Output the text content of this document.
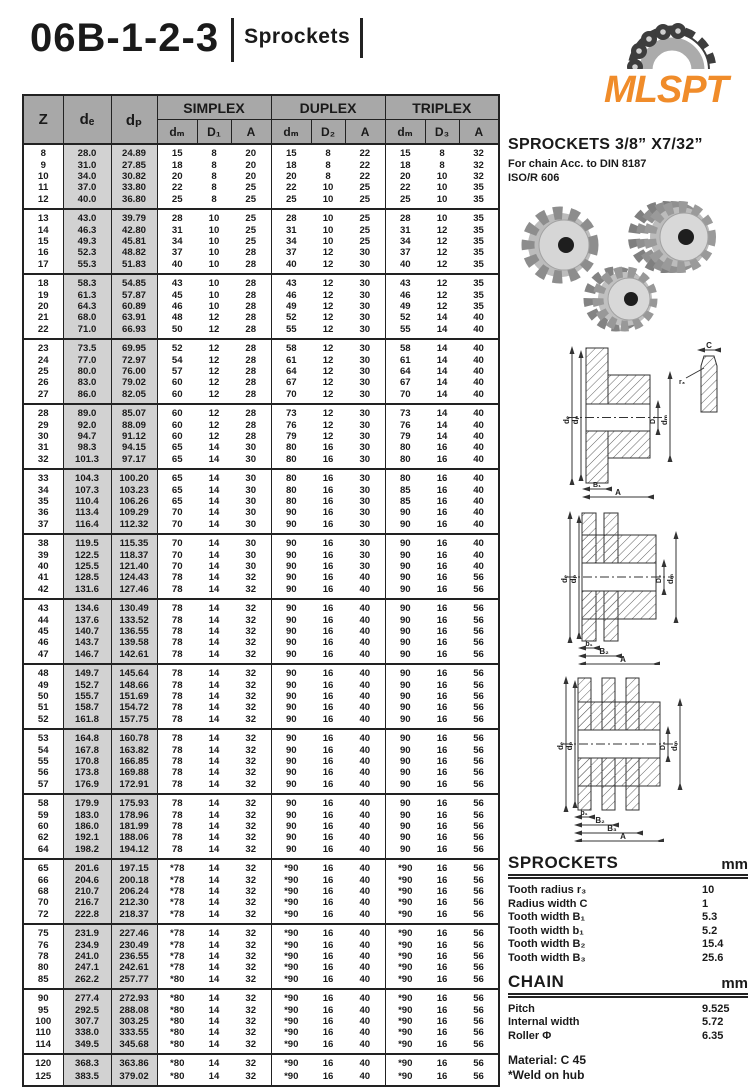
06B-1-2-3 Sprockets
MLSPT
Z	dₑ	dₚ	SIMPLEX			DUPLEX			TRIPLEX		
			dₘ	D₁	A	dₘ	D₂	A	dₘ	D₃	A
8	28.0	24.89	15	8	20	15	8	22	15	8	32
9	31.0	27.85	18	8	20	18	8	22	18	8	32
10	34.0	30.82	20	8	20	20	8	22	20	10	32
11	37.0	33.80	22	8	25	22	10	25	22	10	35
12	40.0	36.80	25	8	25	25	10	25	25	10	35
13	43.0	39.79	28	10	25	28	10	25	28	10	35
14	46.3	42.80	31	10	25	31	10	25	31	12	35
15	49.3	45.81	34	10	25	34	10	25	34	12	35
16	52.3	48.82	37	10	28	37	12	30	37	12	35
17	55.3	51.83	40	10	28	40	12	30	40	12	35
18	58.3	54.85	43	10	28	43	12	30	43	12	35
19	61.3	57.87	45	10	28	46	12	30	46	12	35
20	64.3	60.89	46	10	28	49	12	30	49	12	35
21	68.0	63.91	48	12	28	52	12	30	52	14	40
22	71.0	66.93	50	12	28	55	12	30	55	14	40
23	73.5	69.95	52	12	28	58	12	30	58	14	40
24	77.0	72.97	54	12	28	61	12	30	61	14	40
25	80.0	76.00	57	12	28	64	12	30	64	14	40
26	83.0	79.02	60	12	28	67	12	30	67	14	40
27	86.0	82.05	60	12	28	70	12	30	70	14	40
28	89.0	85.07	60	12	28	73	12	30	73	14	40
29	92.0	88.09	60	12	28	76	12	30	76	14	40
30	94.7	91.12	60	12	28	79	12	30	79	14	40
31	98.3	94.15	65	14	30	80	16	30	80	16	40
32	101.3	97.17	65	14	30	80	16	30	80	16	40
33	104.3	100.20	65	14	30	80	16	30	80	16	40
34	107.3	103.23	65	14	30	80	16	30	85	16	40
35	110.4	106.26	65	14	30	80	16	30	85	16	40
36	113.4	109.29	70	14	30	90	16	30	90	16	40
37	116.4	112.32	70	14	30	90	16	30	90	16	40
38	119.5	115.35	70	14	30	90	16	30	90	16	40
39	122.5	118.37	70	14	30	90	16	30	90	16	40
40	125.5	121.40	70	14	30	90	16	30	90	16	40
41	128.5	124.43	78	14	32	90	16	40	90	16	56
42	131.6	127.46	78	14	32	90	16	40	90	16	56
43	134.6	130.49	78	14	32	90	16	40	90	16	56
44	137.6	133.52	78	14	32	90	16	40	90	16	56
45	140.7	136.55	78	14	32	90	16	40	90	16	56
46	143.7	139.58	78	14	32	90	16	40	90	16	56
47	146.7	142.61	78	14	32	90	16	40	90	16	56
48	149.7	145.64	78	14	32	90	16	40	90	16	56
49	152.7	148.66	78	14	32	90	16	40	90	16	56
50	155.7	151.69	78	14	32	90	16	40	90	16	56
51	158.7	154.72	78	14	32	90	16	40	90	16	56
52	161.8	157.75	78	14	32	90	16	40	90	16	56
53	164.8	160.78	78	14	32	90	16	40	90	16	56
54	167.8	163.82	78	14	32	90	16	40	90	16	56
55	170.8	166.85	78	14	32	90	16	40	90	16	56
56	173.8	169.88	78	14	32	90	16	40	90	16	56
57	176.9	172.91	78	14	32	90	16	40	90	16	56
58	179.9	175.93	78	14	32	90	16	40	90	16	56
59	183.0	178.96	78	14	32	90	16	40	90	16	56
60	186.0	181.99	78	14	32	90	16	40	90	16	56
62	192.1	188.06	78	14	32	90	16	40	90	16	56
64	198.2	194.12	78	14	32	90	16	40	90	16	56
65	201.6	197.15	*78	14	32	*90	16	40	*90	16	56
66	204.6	200.18	*78	14	32	*90	16	40	*90	16	56
68	210.7	206.24	*78	14	32	*90	16	40	*90	16	56
70	216.7	212.30	*78	14	32	*90	16	40	*90	16	56
72	222.8	218.37	*78	14	32	*90	16	40	*90	16	56
75	231.9	227.46	*78	14	32	*90	16	40	*90	16	56
76	234.9	230.49	*78	14	32	*90	16	40	*90	16	56
78	241.0	236.55	*78	14	32	*90	16	40	*90	16	56
80	247.1	242.61	*78	14	32	*90	16	40	*90	16	56
85	262.2	257.77	*80	14	32	*90	16	40	*90	16	56
90	277.4	272.93	*80	14	32	*90	16	40	*90	16	56
95	292.5	288.08	*80	14	32	*90	16	40	*90	16	56
100	307.7	303.25	*80	14	32	*90	16	40	*90	16	56
110	338.0	333.55	*80	14	32	*90	16	40	*90	16	56
114	349.5	345.68	*80	14	32	*90	16	40	*90	16	56
120	368.3	363.86	*80	14	32	*90	16	40	*90	16	56
125	383.5	379.02	*80	14	32	*90	16	40	*90	16	56
SPROCKETS 3/8” X7/32”
For chain Acc. to DIN 8187
ISO/R 606
dₑ dₚ	D₁ dₘ
B₁
A
C
r₃

dₑ dₚ	D₂ dₘ
b₁
B₂
A

dₑ dₚ	D₃ dₘ
b₁
B₂
B₃
A
SPROCKETS	mm
Tooth radius r₃	10
Radius width C	1
Tooth width B₁	5.3
Tooth width b₁	5.2
Tooth width B₂	15.4
Tooth width B₃	25.6
CHAIN	mm
Pitch	9.525
Internal width	5.72
Roller Φ	6.35
Material: C 45
*Weld on hub
